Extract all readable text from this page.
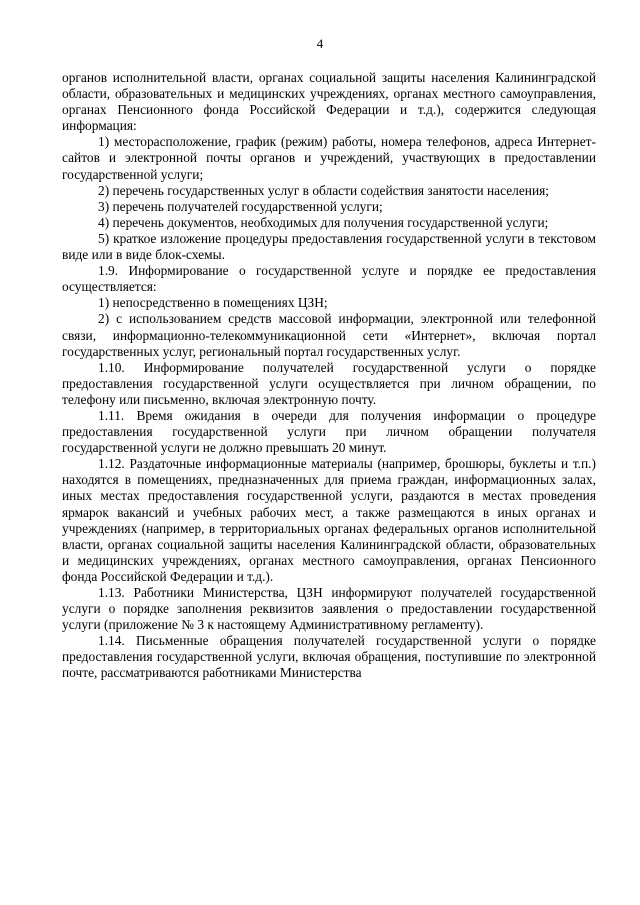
4

органов исполнительной власти, органах социальной защиты населения Калининградской области, образовательных и медицинских учреждениях, органах местного самоуправления, органах Пенсионного фонда Российской Федерации и т.д.), содержится следующая информация:

1) месторасположение, график (режим) работы, номера телефонов, адреса Интернет-сайтов и электронной почты органов и учреждений, участвующих в предоставлении государственной услуги;

2) перечень государственных услуг в области содействия занятости населения;

3) перечень получателей государственной услуги;

4) перечень документов, необходимых для получения государственной услуги;

5) краткое изложение процедуры предоставления государственной услуги в текстовом виде или в виде блок-схемы.

1.9. Информирование о государственной услуге и порядке ее предоставления осуществляется:

1) непосредственно в помещениях ЦЗН;

2) с использованием средств массовой информации, электронной или телефонной связи, информационно-телекоммуникационной сети «Интернет», включая портал государственных услуг, региональный портал государственных услуг.

1.10. Информирование получателей государственной услуги о порядке предоставления государственной услуги осуществляется при личном обращении, по телефону или письменно, включая электронную почту.

1.11. Время ожидания в очереди для получения информации о процедуре предоставления государственной услуги при личном обращении получателя государственной услуги не должно превышать 20 минут.

1.12. Раздаточные информационные материалы (например, брошюры, буклеты и т.п.) находятся в помещениях, предназначенных для приема граждан, информационных залах, иных местах предоставления государственной услуги, раздаются в местах проведения ярмарок вакансий и учебных рабочих мест, а также размещаются в иных органах и учреждениях (например, в территориальных органах федеральных органов исполнительной власти, органах социальной защиты населения Калининградской области, образовательных и медицинских учреждениях, органах местного самоуправления, органах Пенсионного фонда Российской Федерации и т.д.).

1.13. Работники Министерства, ЦЗН информируют получателей государственной услуги о порядке заполнения реквизитов заявления о предоставлении государственной услуги (приложение № 3 к настоящему Административному регламенту).

1.14. Письменные обращения получателей государственной услуги о порядке предоставления государственной услуги, включая обращения, поступившие по электронной почте, рассматриваются работниками Министерства
